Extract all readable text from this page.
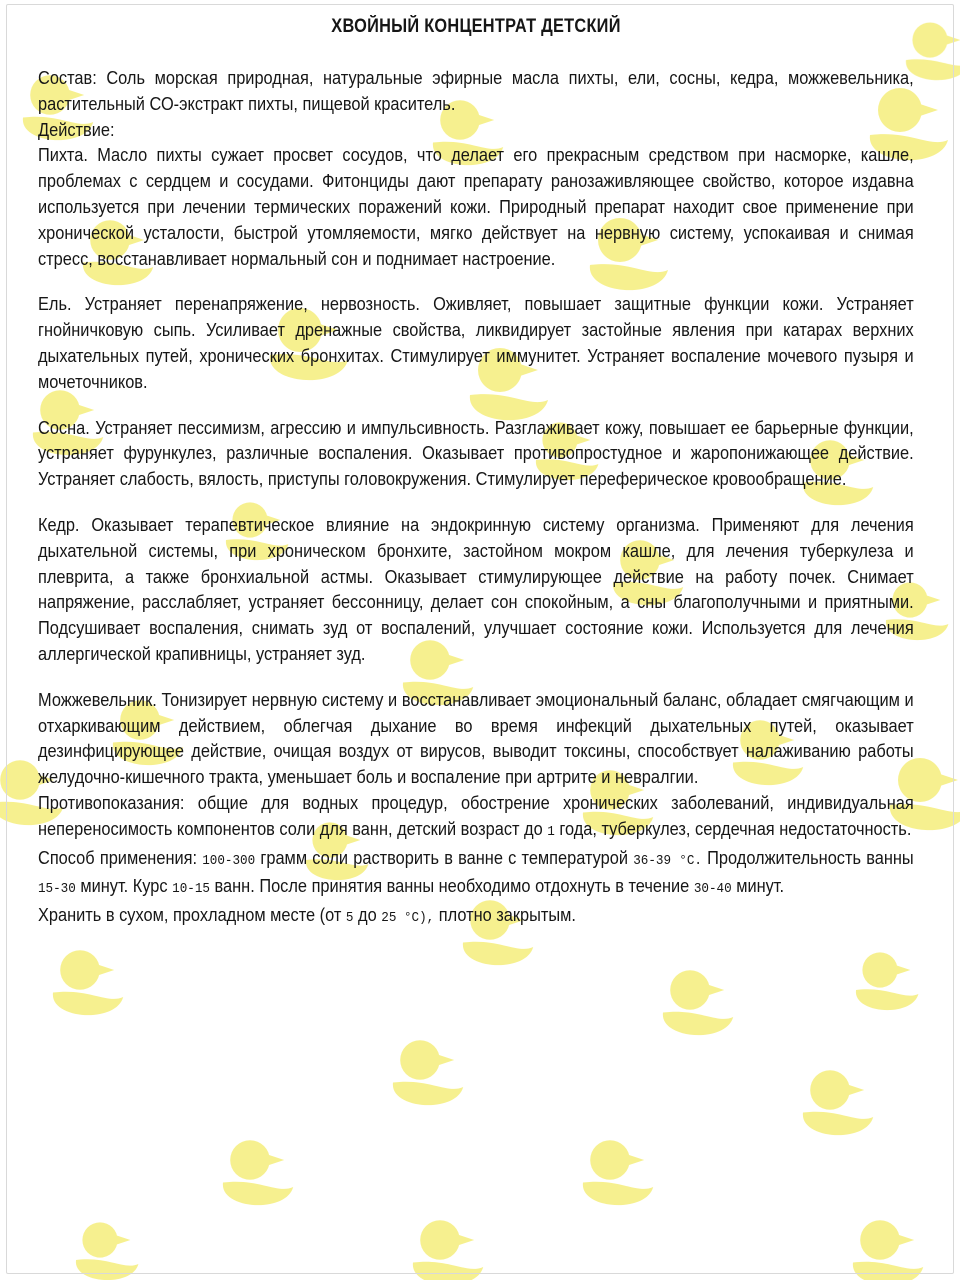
ХВОЙНЫЙ КОНЦЕНТРАТ ДЕТСКИЙ

Состав: Соль морская природная, натуральные эфирные масла пихты, ели, сосны, кедра, можжевельника, растительный СО-экстракт пихты, пищевой краситель.

Действие:

Пихта. Масло пихты сужает просвет сосудов, что делает его прекрасным средством при насморке, кашле, проблемах с сердцем и сосудами. Фитонциды дают препарату ранозаживляющее свойство, которое издавна используется при лечении термических поражений кожи. Природный препарат находит свое применение при хронической усталости, быстрой утомляемости, мягко действует на нервную систему, успокаивая и снимая стресс, восстанавливает нормальный сон и поднимает настроение.

Ель. Устраняет перенапряжение, нервозность. Оживляет, повышает защитные функции кожи. Устраняет гнойничковую сыпь. Усиливает дренажные свойства, ликвидирует застойные явления при катарах верхних дыхательных путей, хронических бронхитах. Стимулирует иммунитет. Устраняет воспаление мочевого пузыря и мочеточников.

Сосна. Устраняет пессимизм, агрессию и импульсивность. Разглаживает кожу, повышает ее барьерные функции, устраняет фурункулез, различные воспаления. Оказывает противопростудное и жаропонижающее действие. Устраняет слабость, вялость, приступы головокружения. Стимулирует переферическое кровообращение.

Кедр. Оказывает терапевтическое влияние на эндокринную систему организма. Применяют для лечения дыхательной системы, при хроническом бронхите, застойном мокром кашле, для лечения туберкулеза и плеврита, а также бронхиальной астмы. Оказывает стимулирующее действие на работу почек. Снимает напряжение, расслабляет, устраняет бессонницу, делает сон спокойным, а сны благополучными и приятными. Подсушивает воспаления, снимать зуд от воспалений, улучшает состояние кожи. Используется для лечения аллергической крапивницы, устраняет зуд.

Можжевельник. Тонизирует нервную систему и восстанавливает эмоциональный баланс, обладает смягчающим и отхаркивающим действием, облегчая дыхание во время инфекций дыхательных путей, оказывает дезинфицирующее действие, очищая воздух от вирусов, выводит токсины, способствует налаживанию работы желудочно-кишечного тракта, уменьшает боль и воспаление при артрите и невралгии.

Противопоказания: общие для водных процедур, обострение хронических заболеваний, индивидуальная непереносимость компонентов соли для ванн, детский возраст до 1 года, туберкулез, сердечная недостаточность.

Способ применения: 100-300 грамм соли растворить в ванне с температурой 36-39 °С. Продолжительность ванны 15-30 минут. Курс 10-15 ванн. После принятия ванны необходимо отдохнуть в течение 30-40 минут.

Хранить в сухом, прохладном месте (от 5 до 25 °С), плотно закрытым.
